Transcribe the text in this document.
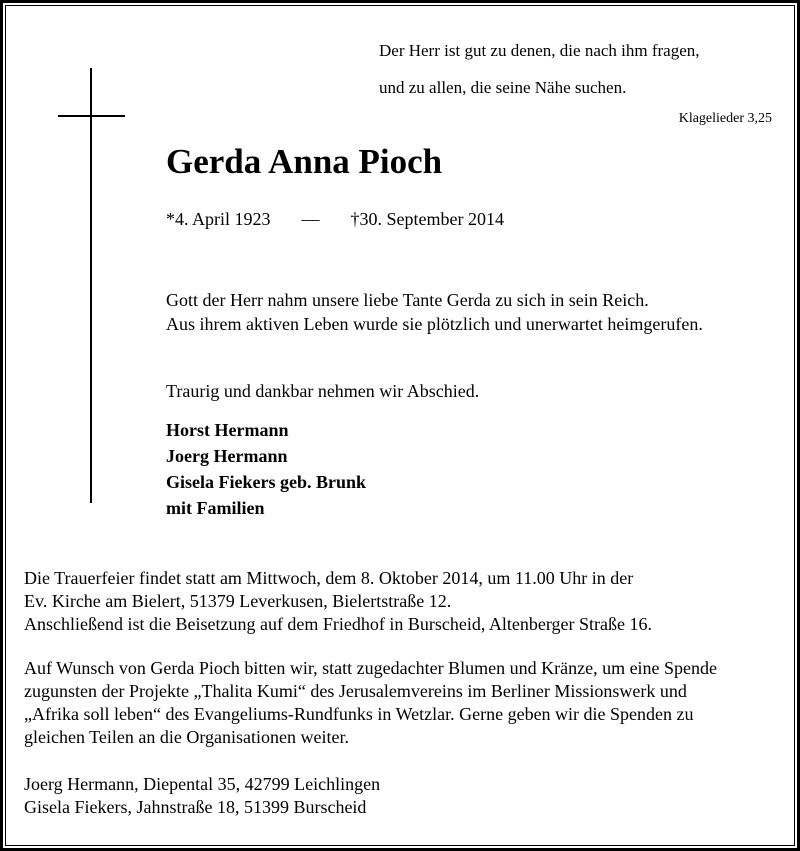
Der Herr ist gut zu denen, die nach ihm fragen,
und zu allen, die seine Nähe suchen.
Klagelieder 3,25
Gerda Anna Pioch
*4. April 1923 — †30. September 2014
Gott der Herr nahm unsere liebe Tante Gerda zu sich in sein Reich.
Aus ihrem aktiven Leben wurde sie plötzlich und unerwartet heimgerufen.
Traurig und dankbar nehmen wir Abschied.
Horst Hermann
Joerg Hermann
Gisela Fiekers geb. Brunk
mit Familien
Die Trauerfeier findet statt am Mittwoch, dem 8. Oktober 2014, um 11.00 Uhr in der
Ev. Kirche am Bielert, 51379 Leverkusen, Bielertstraße 12.
Anschließend ist die Beisetzung auf dem Friedhof in Burscheid, Altenberger Straße 16.
Auf Wunsch von Gerda Pioch bitten wir, statt zugedachter Blumen und Kränze, um eine Spende
zugunsten der Projekte „Thalita Kumi“ des Jerusalemvereins im Berliner Missionswerk und
„Afrika soll leben“ des Evangeliums-Rundfunks in Wetzlar. Gerne geben wir die Spenden zu
gleichen Teilen an die Organisationen weiter.
Joerg Hermann, Diepental 35, 42799 Leichlingen
Gisela Fiekers, Jahnstraße 18, 51399 Burscheid
